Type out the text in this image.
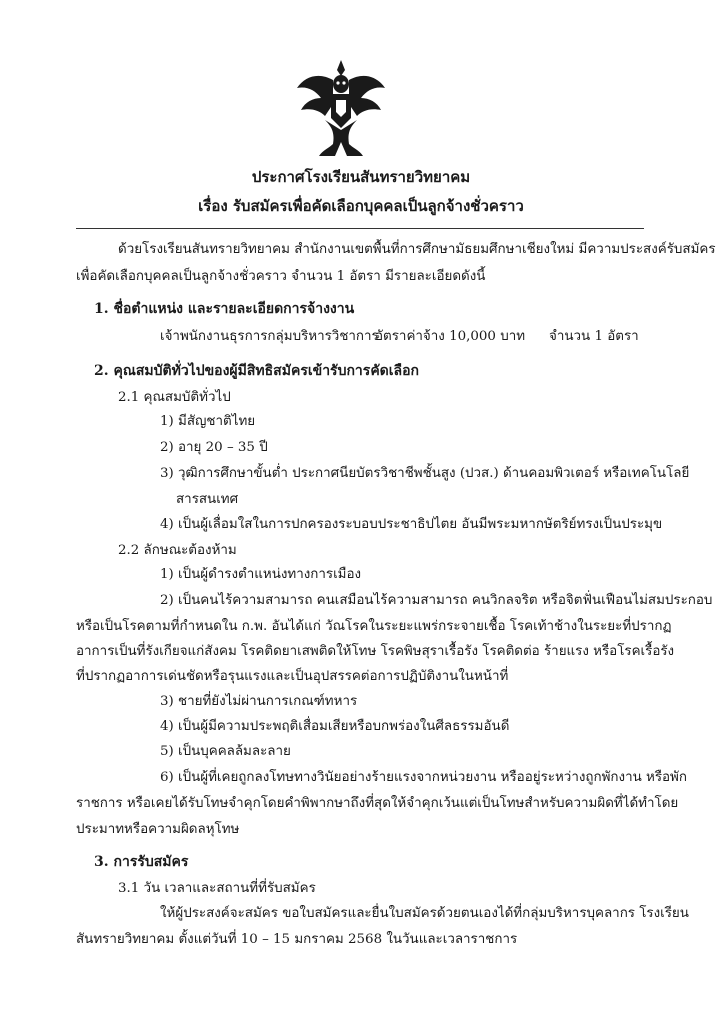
ประกาศโรงเรียนสันทรายวิทยาคม
เรื่อง รับสมัครเพื่อคัดเลือกบุคคลเป็นลูกจ้างชั่วคราว
ด้วยโรงเรียนสันทรายวิทยาคม สำนักงานเขตพื้นที่การศึกษามัธยมศึกษาเชียงใหม่ มีความประสงค์รับสมัคร
เพื่อคัดเลือกบุคคลเป็นลูกจ้างชั่วคราว จำนวน 1 อัตรา มีรายละเอียดดังนี้
1. ชื่อตำแหน่ง และรายละเอียดการจ้างงาน
เจ้าพนักงานธุรการกลุ่มบริหารวิชาการ
อัตราค่าจ้าง 10,000 บาท จำนวน 1 อัตรา
2. คุณสมบัติทั่วไปของผู้มีสิทธิสมัครเข้ารับการคัดเลือก
2.1 คุณสมบัติทั่วไป
1) มีสัญชาติไทย
2) อายุ 20 – 35 ปี
3) วุฒิการศึกษาขั้นต่ำ ประกาศนียบัตรวิชาชีพชั้นสูง (ปวส.) ด้านคอมพิวเตอร์ หรือเทคโนโลยี
สารสนเทศ
4) เป็นผู้เลื่อมใสในการปกครองระบอบประชาธิปไตย อันมีพระมหากษัตริย์ทรงเป็นประมุข
2.2 ลักษณะต้องห้าม
1) เป็นผู้ดำรงตำแหน่งทางการเมือง
2) เป็นคนไร้ความสามารถ คนเสมือนไร้ความสามารถ คนวิกลจริต หรือจิตฟั่นเฟือนไม่สมประกอบ
หรือเป็นโรคตามที่กำหนดใน ก.พ. อันได้แก่ วัณโรคในระยะแพร่กระจายเชื้อ โรคเท้าช้างในระยะที่ปรากฏ
อาการเป็นที่รังเกียจแก่สังคม โรคติดยาเสพติดให้โทษ โรคพิษสุราเรื้อรัง โรคติดต่อ ร้ายแรง หรือโรคเรื้อรัง
ที่ปรากฏอาการเด่นชัดหรือรุนแรงและเป็นอุปสรรคต่อการปฏิบัติงานในหน้าที่
3) ชายที่ยังไม่ผ่านการเกณฑ์ทหาร
4) เป็นผู้มีความประพฤติเสื่อมเสียหรือบกพร่องในศีลธรรมอันดี
5) เป็นบุคคลล้มละลาย
6) เป็นผู้ที่เคยถูกลงโทษทางวินัยอย่างร้ายแรงจากหน่วยงาน หรืออยู่ระหว่างถูกพักงาน หรือพัก
ราชการ หรือเคยได้รับโทษจำคุกโดยคำพิพากษาถึงที่สุดให้จำคุกเว้นแต่เป็นโทษสำหรับความผิดที่ได้ทำโดย
ประมาทหรือความผิดลหุโทษ
3. การรับสมัคร
3.1 วัน เวลาและสถานที่ที่รับสมัคร
ให้ผู้ประสงค์จะสมัคร ขอใบสมัครและยื่นใบสมัครด้วยตนเองได้ที่กลุ่มบริหารบุคลากร โรงเรียน
สันทรายวิทยาคม ตั้งแต่วันที่ 10 – 15 มกราคม 2568 ในวันและเวลาราชการ
